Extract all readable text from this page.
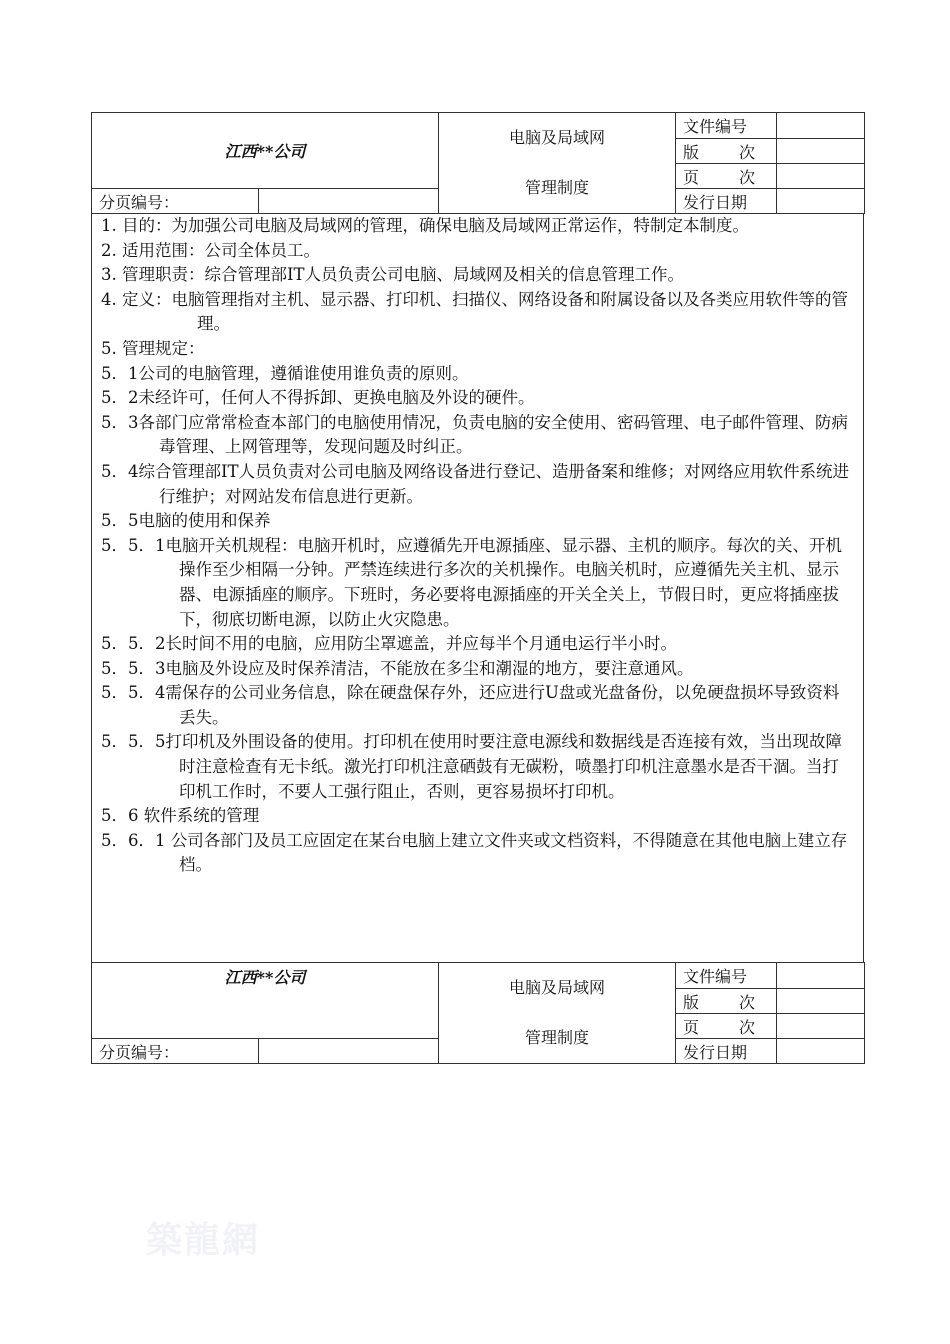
江西**公司		电脑及局域网
管理制度	文件编号	
			版 次	
			页 次	
分页编号：			发行日期	

1. 目的：为加强公司电脑及局域网的管理，确保电脑及局域网正常运作，特制定本制度。

2. 适用范围：公司全体员工。

3. 管理职责：综合管理部IT人员负责公司电脑、局域网及相关的信息管理工作。

4. 定义：电脑管理指对主机、显示器、打印机、扫描仪、网络设备和附属设备以及各类应用软件等的管理。

5. 管理规定：

5．1公司的电脑管理，遵循谁使用谁负责的原则。

5．2未经许可，任何人不得拆卸、更换电脑及外设的硬件。

5．3各部门应常常检查本部门的电脑使用情况，负责电脑的安全使用、密码管理、电子邮件管理、防病毒管理、上网管理等，发现问题及时纠正。

5．4综合管理部IT人员负责对公司电脑及网络设备进行登记、造册备案和维修；对网络应用软件系统进行维护；对网站发布信息进行更新。

5．5电脑的使用和保养

5．5．1电脑开关机规程：电脑开机时，应遵循先开电源插座、显示器、主机的顺序。每次的关、开机操作至少相隔一分钟。严禁连续进行多次的关机操作。电脑关机时，应遵循先关主机、显示器、电源插座的顺序。下班时，务必要将电源插座的开关全关上，节假日时，更应将插座拔下，彻底切断电源，以防止火灾隐患。

5．5．2长时间不用的电脑，应用防尘罩遮盖，并应每半个月通电运行半小时。

5．5．3电脑及外设应及时保养清洁，不能放在多尘和潮湿的地方，要注意通风。

5．5．4需保存的公司业务信息，除在硬盘保存外，还应进行U盘或光盘备份，以免硬盘损坏导致资料丢失。

5．5．5打印机及外围设备的使用。打印机在使用时要注意电源线和数据线是否连接有效，当出现故障时注意检查有无卡纸。激光打印机注意硒鼓有无碳粉，喷墨打印机注意墨水是否干涸。当打印机工作时，不要人工强行阻止，否则，更容易损坏打印机。

5．6 软件系统的管理

5．6．1 公司各部门及员工应固定在某台电脑上建立文件夹或文档资料，不得随意在其他电脑上建立存档。

江西**公司		电脑及局域网
管理制度	文件编号	
			版 次	
			页 次	
分页编号：			发行日期	
築龍網
